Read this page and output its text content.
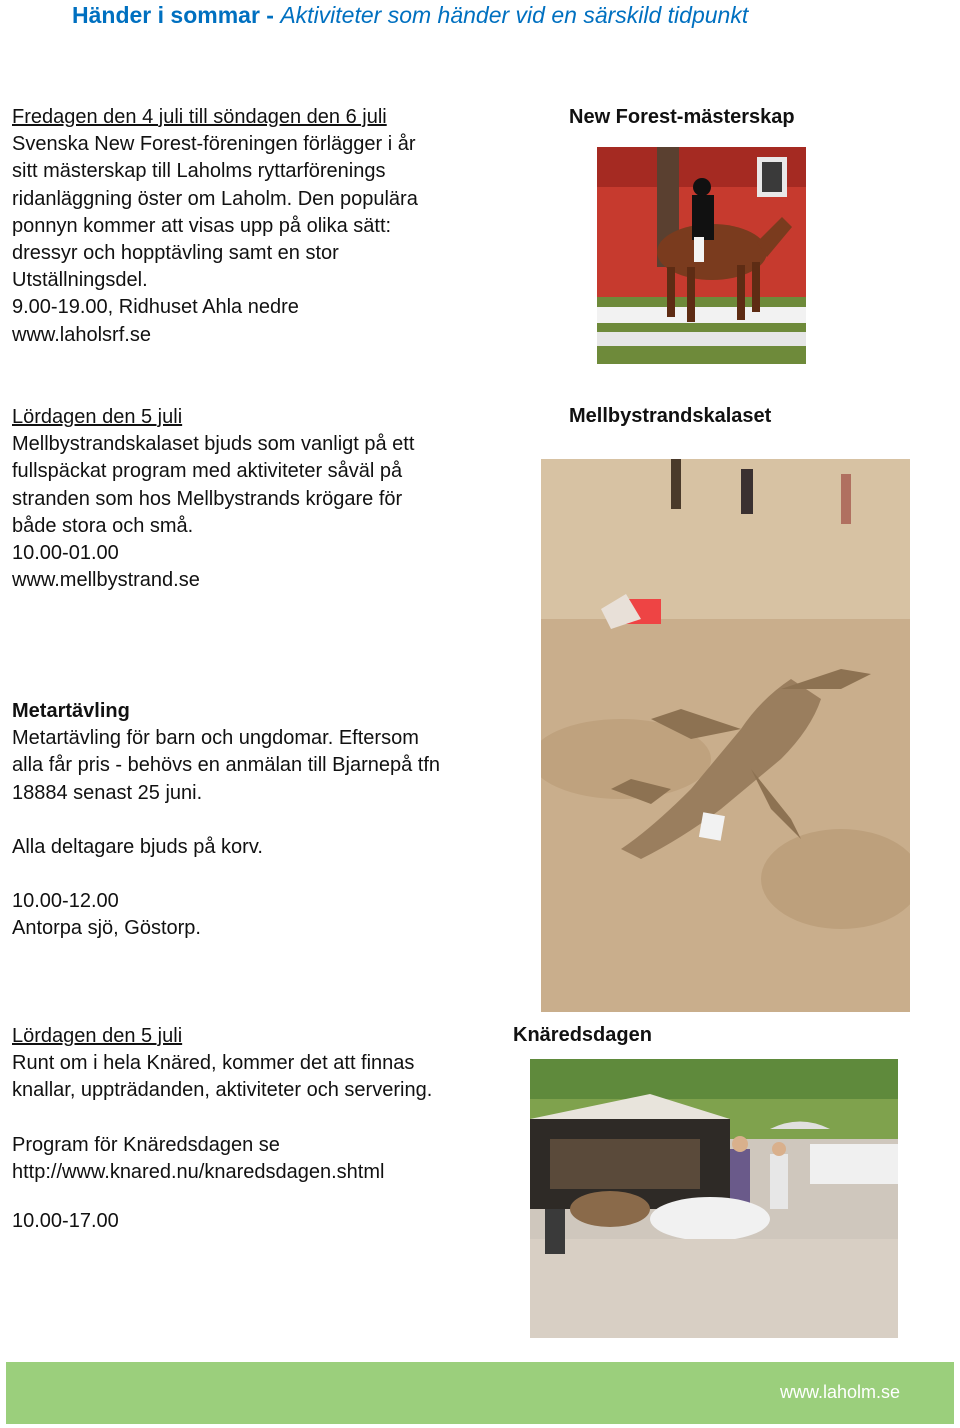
Händer i sommar - Aktiviteter som händer vid en särskild tidpunkt
Fredagen den 4 juli till söndagen den 6 juli
Svenska New Forest-föreningen förlägger i år
sitt mästerskap till Laholms ryttarförenings
ridanläggning öster om Laholm. Den populära
ponnyn kommer att visas upp på olika sätt:
dressyr och hopptävling samt en stor
Utställningsdel.
9.00-19.00, Ridhuset Ahla nedre
www.laholsrf.se
New Forest-mästerskap
Lördagen den 5 juli
Mellbystrandskalaset bjuds som vanligt på ett
fullspäckat program med aktiviteter såväl på
stranden som hos Mellbystrands krögare för
både stora och små.
10.00-01.00
www.mellbystrand.se
Mellbystrandskalaset
Metartävling
Metartävling för barn och ungdomar. Eftersom
alla får pris - behövs en anmälan till Bjarnepå tfn
18884 senast 25 juni.
Alla deltagare bjuds på korv.
10.00-12.00
Antorpa sjö, Göstorp.
Lördagen den 5 juli
Runt om i hela Knäred, kommer det att finnas
knallar, uppträdanden, aktiviteter och servering.
Program för Knäredsdagen se
http://www.knared.nu/knaredsdagen.shtml
10.00-17.00
Knäredsdagen
www.laholm.se
